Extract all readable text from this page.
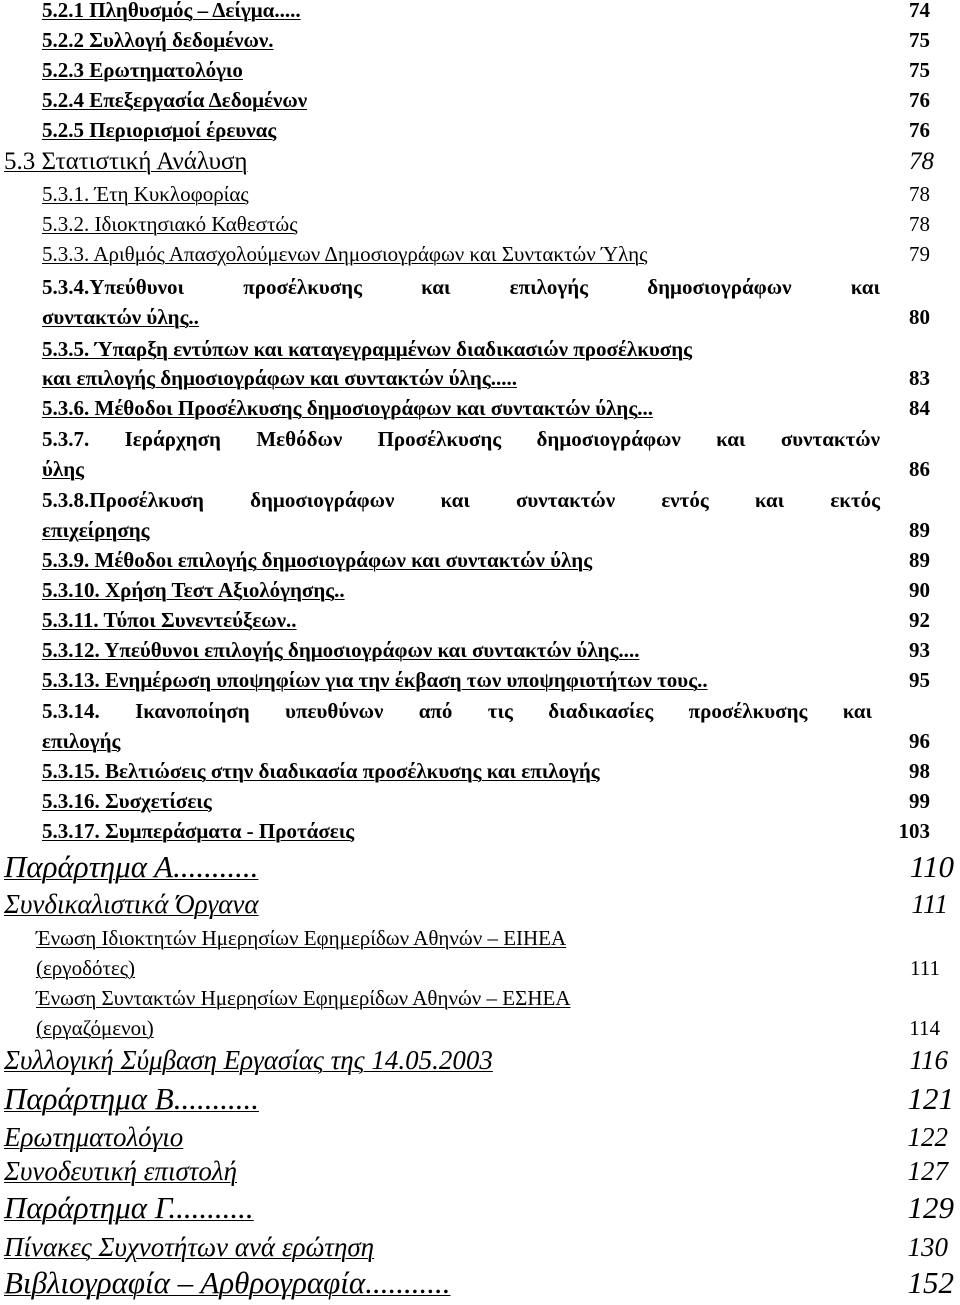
5.2.1 Πληθυσμός – Δείγμα.....	74
5.2.2 Συλλογή δεδομένων.	75
5.2.3 Ερωτηματολόγιο	75
5.2.4 Επεξεργασία Δεδομένων	76
5.2.5 Περιορισμοί έρευνας	76
5.3 Στατιστική Ανάλυση	78
5.3.1. Έτη Κυκλοφορίας	78
5.3.2. Ιδιοκτησιακό Καθεστώς	78
5.3.3. Αριθμός Απασχολούμενων Δημοσιογράφων και Συντακτών Ύλης	79
5.3.4.Υπεύθυνοι προσέλκυσης και επιλογής δημοσιογράφων και
συντακτών ύλης..	80
5.3.5. Ύπαρξη εντύπων και καταγεγραμμένων διαδικασιών προσέλκυσης
και επιλογής δημοσιογράφων και συντακτών ύλης.....	83
5.3.6. Μέθοδοι Προσέλκυσης δημοσιογράφων και συντακτών ύλης...	84
5.3.7. Ιεράρχηση Μεθόδων Προσέλκυσης δημοσιογράφων και συντακτών
ύλης	86
5.3.8.Προσέλκυση δημοσιογράφων και συντακτών εντός και εκτός
επιχείρησης	89
5.3.9. Μέθοδοι επιλογής δημοσιογράφων και συντακτών ύλης	89
5.3.10. Χρήση Τεστ Αξιολόγησης..	90
5.3.11. Τύποι Συνεντεύξεων..	92
5.3.12. Υπεύθυνοι επιλογής δημοσιογράφων και συντακτών ύλης....	93
5.3.13. Ενημέρωση υποψηφίων για την έκβαση των υποψηφιοτήτων τους..	95
5.3.14. Ικανοποίηση υπευθύνων από τις διαδικασίες προσέλκυσης και
επιλογής	96
5.3.15. Βελτιώσεις στην διαδικασία προσέλκυσης και επιλογής	98
5.3.16. Συσχετίσεις	99
5.3.17. Συμπεράσματα - Προτάσεις	103
Παράρτημα Α...........	110
Συνδικαλιστικά Όργανα	111
Ένωση Ιδιοκτητών Ημερησίων Εφημερίδων Αθηνών – ΕΙΗΕΑ
(εργοδότες)	111
Ένωση Συντακτών Ημερησίων Εφημερίδων Αθηνών – ΕΣΗΕΑ
(εργαζόμενοι)	114
Συλλογική Σύμβαση Εργασίας της 14.05.2003	116
Παράρτημα Β...........	121
Ερωτηματολόγιο	122
Συνοδευτική επιστολή	127
Παράρτημα Γ...........	129
Πίνακες Συχνοτήτων ανά ερώτηση	130
Βιβλιογραφία – Αρθρογραφία...........	152
